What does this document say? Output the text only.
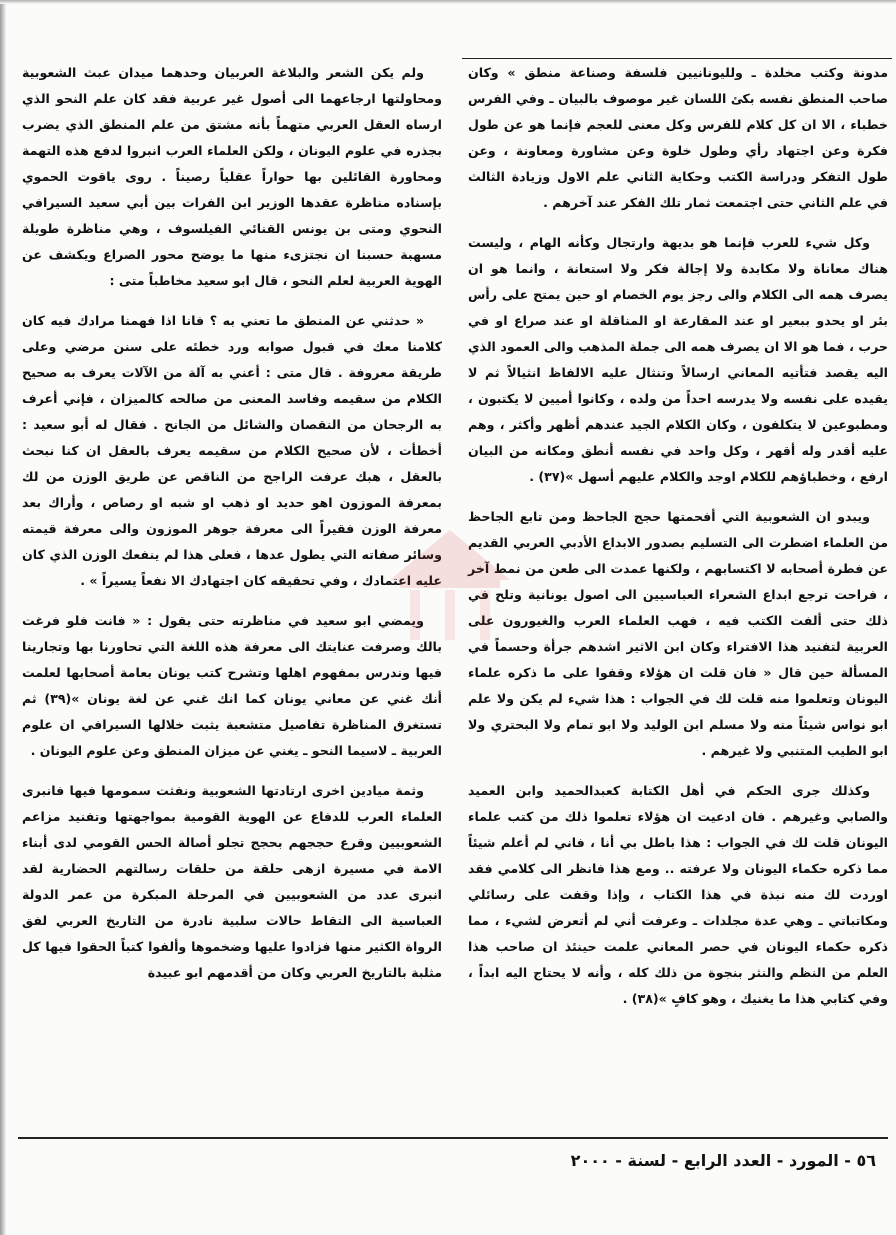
مدونة وكتب مخلدة ـ ولليونانيين فلسفة وصناعة منطق » وكان صاحب المنطق نفسه بكئ اللسان غير موصوف بالبيان ـ وفي الفرس خطباء ، الا ان كل كلام للفرس وكل معنى للعجم فإنما هو عن طول فكرة وعن اجتهاد رأي وطول خلوة وعن مشاورة ومعاونة ، وعن طول التفكر ودراسة الكتب وحكاية الثاني علم الاول وزيادة الثالث في علم الثاني حتى اجتمعت ثمار تلك الفكر عند آخرهم .

وكل شيء للعرب فإنما هو بديهة وارتجال وكأنه الهام ، وليست هناك معاناة ولا مكابدة ولا إجالة فكر ولا استعانة ، وانما هو ان يصرف همه الى الكلام والى رجز يوم الخصام او حين يمتح على رأس بئر او يحدو ببعير او عند المقارعة او المناقلة او عند صراع او في حرب ، فما هو الا ان يصرف همه الى جملة المذهب والى العمود الذي اليه يقصد فتأتيه المعاني ارسالاً وتنثال عليه الالفاظ انثيالاً ثم لا يقيده على نفسه ولا يدرسه احداً من ولده ، وكانوا أميين لا يكتبون ، ومطبوعين لا يتكلفون ، وكان الكلام الجيد عندهم أظهر وأكثر ، وهم عليه أقدر وله أقهر ، وكل واحد في نفسه أنطق ومكانه من البيان ارفع ، وخطباؤهم للكلام اوجد والكلام عليهم أسهل »(٣٧) .

ويبدو ان الشعوبية التي أفحمتها حجج الجاحظ ومن تابع الجاحظ من العلماء اضطرت الى التسليم بصدور الابداع الأدبي العربي القديم عن فطرة أصحابه لا اكتسابهم ، ولكنها عمدت الى طعن من نمط آخر ، فراحت ترجع ابداع الشعراء العباسيين الى اصول يونانية وتلح في ذلك حتى ألفت الكتب فيه ، فهب العلماء العرب والغيورون على العربية لتفنيد هذا الافتراء وكان ابن الاثير اشدهم جرأة وحسماً في المسألة حين قال « فان قلت ان هؤلاء وقفوا على ما ذكره علماء اليونان وتعلموا منه قلت لك في الجواب : هذا شيء لم يكن ولا علم ابو نواس شيئاً منه ولا مسلم ابن الوليد ولا ابو تمام ولا البحتري ولا ابو الطيب المتنبي ولا غيرهم .

وكذلك جرى الحكم في أهل الكتابة كعبدالحميد وابن العميد والصابي وغيرهم . فان ادعيت ان هؤلاء تعلموا ذلك من كتب علماء اليونان قلت لك في الجواب : هذا باطل بي أنا ، فاني لم أعلم شيئاً مما ذكره حكماء اليونان ولا عرفته .. ومع هذا فانظر الى كلامي فقد اوردت لك منه نبذة في هذا الكتاب ، وإذا وقفت على رسائلي ومكاتباتي ـ وهي عدة مجلدات ـ وعرفت أني لم أتعرض لشيء ، مما ذكره حكماء اليونان في حصر المعاني علمت حينئذ ان صاحب هذا العلم من النظم والنثر بنجوة من ذلك كله ، وأنه لا يحتاج اليه ابداً ، وفي كتابي هذا ما يغنيك ، وهو كافٍ »(٣٨) .

ولم يكن الشعر والبلاغة العربيان وحدهما ميدان عبث الشعوبية ومحاولتها ارجاعهما الى أصول غير عربية فقد كان علم النحو الذي ارساه العقل العربي متهماً بأنه مشتق من علم المنطق الذي يضرب بجذره في علوم اليونان ، ولكن العلماء العرب انبروا لدفع هذه التهمة ومحاورة القائلين بها حواراً عقلياً رصيناً . روى ياقوت الحموي بإسناده مناظرة عقدها الوزير ابن الفرات بين أبي سعيد السيرافي النحوي ومتى بن يونس القنائي الفيلسوف ، وهي مناظرة طويلة مسهبة حسبنا ان نجتزىء منها ما يوضح محور الصراع ويكشف عن الهوية العربية لعلم النحو ، قال ابو سعيد مخاطباً متى :

« حدثني عن المنطق ما تعني به ؟ فانا اذا فهمنا مرادك فيه كان كلامنا معك في قبول صوابه ورد خطئه على سنن مرضي وعلى طريقة معروفة . قال متى : أعني به آلة من الآلات يعرف به صحيح الكلام من سقيمه وفاسد المعنى من صالحه كالميزان ، فإني أعرف به الرجحان من النقصان والشائل من الجانح . فقال له أبو سعيد : أخطأت ، لأن صحيح الكلام من سقيمه يعرف بالعقل ان كنا نبحث بالعقل ، هبك عرفت الراجح من الناقص عن طريق الوزن من لك بمعرفة الموزون اهو حديد او ذهب او شبه او رصاص ، وأراك بعد معرفة الوزن فقيراً الى معرفة جوهر الموزون والى معرفة قيمته وسائر صفاته التي يطول عدها ، فعلى هذا لم ينفعك الوزن الذي كان عليه اعتمادك ، وفي تحقيقه كان اجتهادك الا نفعاً يسيراً » .

ويمضي ابو سعيد في مناظرته حتى يقول : « فانت فلو فرغت بالك وصرفت عنايتك الى معرفة هذه اللغة التي تحاورنا بها وتجارينا فيها وندرس بمفهوم اهلها وتشرح كتب يونان بعامة أصحابها لعلمت أنك غني عن معاني يونان كما انك غني عن لغة يونان »(٣٩) ثم تستغرق المناظرة تفاصيل متشعبة يثبت خلالها السيرافي ان علوم العربية ـ لاسيما النحو ـ يغني عن ميزان المنطق وعن علوم اليونان .

وثمة ميادين اخرى ارتادتها الشعوبية ونفثت سمومها فيها فانبرى العلماء العرب للدفاع عن الهوية القومية بمواجهتها وتفنيد مزاعم الشعوبيين وقرع حججهم بحجج تجلو أصالة الحس القومي لدى أبناء الامة في مسيرة ازهى حلقة من حلقات رسالتهم الحضارية لقد انبرى عدد من الشعوبيين في المرحلة المبكرة من عمر الدولة العباسية الى التقاط حالات سلبية نادرة من التاريخ العربي لفق الرواة الكثير منها فزادوا عليها وضخموها وألفوا كتباً الحقوا فيها كل مثلبة بالتاريخ العربي وكان من أقدمهم ابو عبيدة

٥٦ - المورد - العدد الرابع - لسنة - ٢٠٠٠
